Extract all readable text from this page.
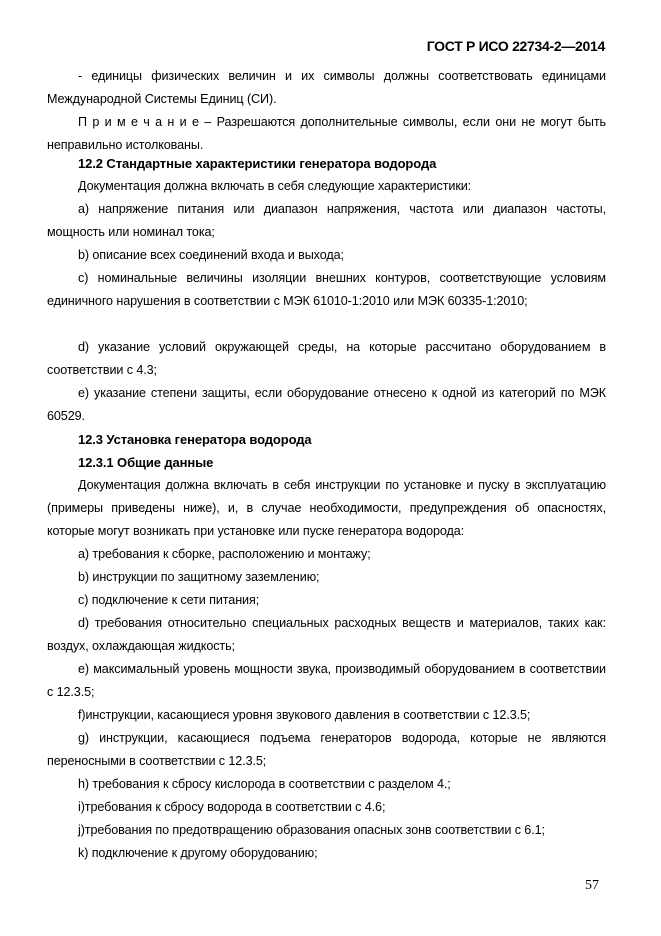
ГОСТ Р ИСО 22734-2—2014
- единицы физических величин и их символы должны соответствовать единицами Международной Системы Единиц (СИ).
П р и м е ч а н и е – Разрешаются дополнительные символы, если они не могут быть неправильно истолкованы.
12.2 Стандартные характеристики генератора водорода
Документация должна включать в себя следующие характеристики:
a) напряжение питания или диапазон напряжения, частота или диапазон частоты, мощность или номинал тока;
b) описание всех соединений входа и выхода;
c) номинальные величины изоляции внешних контуров, соответствующие условиям единичного нарушения в соответствии с МЭК 61010-1:2010 или МЭК 60335-1:2010;
d) указание условий окружающей среды, на которые рассчитано оборудованием в соответствии с 4.3;
e) указание степени защиты, если оборудование отнесено к одной из категорий по МЭК 60529.
12.3 Установка генератора водорода
12.3.1 Общие данные
Документация должна включать в себя инструкции по установке и пуску в эксплуатацию (примеры приведены ниже), и, в случае необходимости, предупреждения об опасностях, которые могут возникать при установке или пуске генератора водорода:
a) требования к сборке, расположению и монтажу;
b) инструкции по защитному заземлению;
c) подключение к сети питания;
d) требования относительно специальных расходных веществ и материалов, таких как: воздух, охлаждающая жидкость;
e) максимальный уровень мощности звука, производимый оборудованием в соответствии с 12.3.5;
f)инструкции, касающиеся уровня звукового давления в соответствии с 12.3.5;
g) инструкции, касающиеся подъема генераторов водорода, которые не являются переносными в соответствии с 12.3.5;
h) требования к сбросу кислорода в соответствии с разделом 4.;
i)требования к сбросу водорода в соответствии с 4.6;
j)требования по предотвращению образования опасных зонв соответствии с 6.1;
k) подключение к другому оборудованию;
57
